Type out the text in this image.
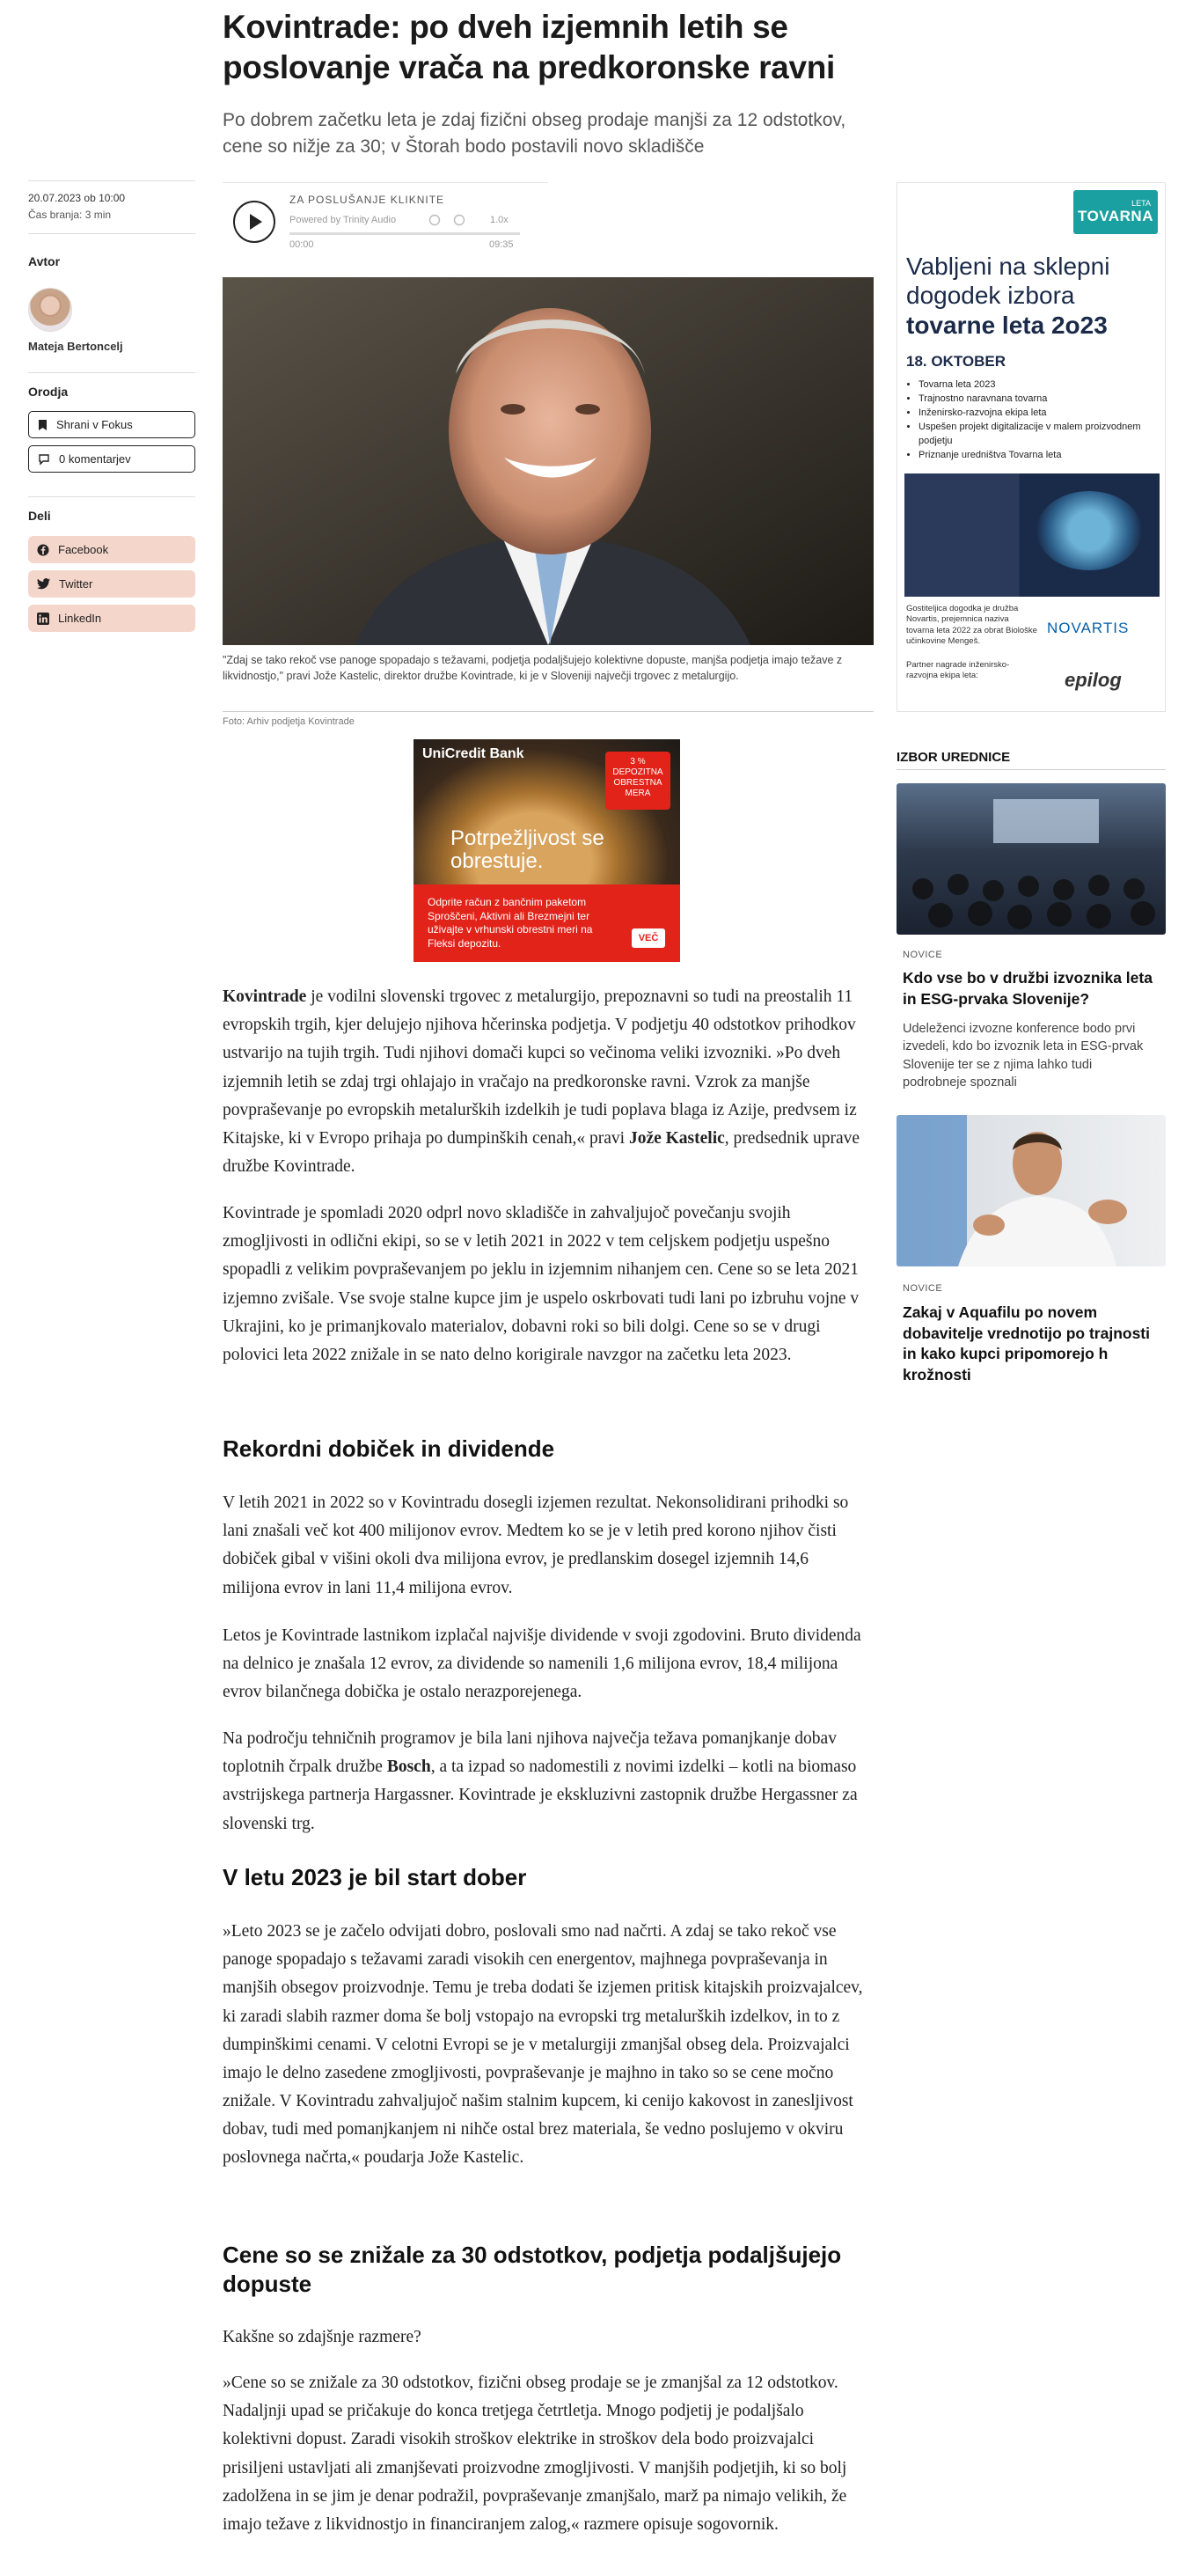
Kovintrade: po dveh izjemnih letih se poslovanje vrača na predkoronske ravni

Po dobrem začetku leta je zdaj fizični obseg prodaje manjši za 12 odstotkov, cene so nižje za 30; v Štorah bodo postavili novo skladišče

20.07.2023 ob 10:00
Čas branja: 3 min
Avtor
Mateja Bertoncelj
Orodja
Shrani v Fokus
0 komentarjev
Deli
Facebook
Twitter
LinkedIn
ZA POSLUŠANJE KLIKNITE
Powered by Trinity Audio	1.0x
00:00	09:35
"Zdaj se tako rekoč vse panoge spopadajo s težavami, podjetja podaljšujejo kolektivne dopuste, manjša podjetja imajo težave z likvidnostjo," pravi Jože Kastelic, direktor družbe Kovintrade, ki je v Sloveniji največji trgovec z metalurgijo.
Foto: Arhiv podjetja Kovintrade
UniCredit Bank
3 % DEPOZITNA OBRESTNA MERA
Potrpežljivost se obrestuje.
Odprite račun z bančnim paketom Sproščeni, Aktivni ali Brezmejni ter uživajte v vrhunski obrestni meri na Fleksi depozitu.	VEČ

Kovintrade je vodilni slovenski trgovec z metalurgijo, prepoznavni so tudi na preostalih 11 evropskih trgih, kjer delujejo njihova hčerinska podjetja. V podjetju 40 odstotkov prihodkov ustvarijo na tujih trgih. Tudi njihovi domači kupci so večinoma veliki izvozniki. »Po dveh izjemnih letih se zdaj trgi ohlajajo in vračajo na predkoronske ravni. Vzrok za manjše povpraševanje po evropskih metalurških izdelkih je tudi poplava blaga iz Azije, predvsem iz Kitajske, ki v Evropo prihaja po dumpinških cenah,« pravi Jože Kastelic, predsednik uprave družbe Kovintrade.

Kovintrade je spomladi 2020 odprl novo skladišče in zahvaljujoč povečanju svojih zmogljivosti in odlični ekipi, so se v letih 2021 in 2022 v tem celjskem podjetju uspešno spopadli z velikim povpraševanjem po jeklu in izjemnim nihanjem cen. Cene so se leta 2021 izjemno zvišale. Vse svoje stalne kupce jim je uspelo oskrbovati tudi lani po izbruhu vojne v Ukrajini, ko je primanjkovalo materialov, dobavni roki so bili dolgi. Cene so se v drugi polovici leta 2022 znižale in se nato delno korigirale navzgor na začetku leta 2023.

Rekordni dobiček in dividende

V letih 2021 in 2022 so v Kovintradu dosegli izjemen rezultat. Nekonsolidirani prihodki so lani znašali več kot 400 milijonov evrov. Medtem ko se je v letih pred korono njihov čisti dobiček gibal v višini okoli dva milijona evrov, je predlanskim dosegel izjemnih 14,6 milijona evrov in lani 11,4 milijona evrov.

Letos je Kovintrade lastnikom izplačal najvišje dividende v svoji zgodovini. Bruto dividenda na delnico je znašala 12 evrov, za dividende so namenili 1,6 milijona evrov, 18,4 milijona evrov bilančnega dobička je ostalo nerazporejenega.

Na področju tehničnih programov je bila lani njihova največja težava pomanjkanje dobav toplotnih črpalk družbe Bosch, a ta izpad so nadomestili z novimi izdelki – kotli na biomaso avstrijskega partnerja Hargassner. Kovintrade je ekskluzivni zastopnik družbe Hergassner za slovenski trg.

V letu 2023 je bil start dober

»Leto 2023 se je začelo odvijati dobro, poslovali smo nad načrti. A zdaj se tako rekoč vse panoge spopadajo s težavami zaradi visokih cen energentov, majhnega povpraševanja in manjših obsegov proizvodnje. Temu je treba dodati še izjemen pritisk kitajskih proizvajalcev, ki zaradi slabih razmer doma še bolj vstopajo na evropski trg metalurških izdelkov, in to z dumpinškimi cenami. V celotni Evropi se je v metalurgiji zmanjšal obseg dela. Proizvajalci imajo le delno zasedene zmogljivosti, povpraševanje je majhno in tako so se cene močno znižale. V Kovintradu zahvaljujoč našim stalnim kupcem, ki cenijo kakovost in zanesljivost dobav, tudi med pomanjkanjem ni nihče ostal brez materiala, še vedno poslujemo v okviru poslovnega načrta,« poudarja Jože Kastelic.

Cene so se znižale za 30 odstotkov, podjetja podaljšujejo dopuste

Kakšne so zdajšnje razmere?

»Cene so se znižale za 30 odstotkov, fizični obseg prodaje se je zmanjšal za 12 odstotkov. Nadaljnji upad se pričakuje do konca tretjega četrtletja. Mnogo podjetij je podaljšalo kolektivni dopust. Zaradi visokih stroškov elektrike in stroškov dela bodo proizvajalci prisiljeni ustavljati ali zmanjševati proizvodne zmogljivosti. V manjših podjetjih, ki so bolj zadolžena in se jim je denar podražil, povpraševanje zmanjšalo, marž pa nimajo velikih, že imajo težave z likvidnostjo in financiranjem zalog,« razmere opisuje sogovornik.

LETA
TOVARNA
Vabljeni na sklepni dogodek izbora
tovarne leta 2o23
18. OKTOBER
• Tovarna leta 2023
• Trajnostno naravnana tovarna
• Inženirsko-razvojna ekipa leta
• Uspešen projekt digitalizacije v malem proizvodnem podjetju
• Priznanje uredništva Tovarna leta
Gostiteljica dogodka je družba Novartis, prejemnica naziva tovarna leta 2022 za obrat Biološke učinkovine Mengeš.
NOVARTIS
Partner nagrade inženirsko-razvojna ekipa leta:	epilog
IZBOR UREDNICE
NOVICE
Kdo vse bo v družbi izvoznika leta in ESG-prvaka Slovenije?
Udeleženci izvozne konference bodo prvi izvedeli, kdo bo izvoznik leta in ESG-prvak Slovenije ter se z njima lahko tudi podrobneje spoznali
NOVICE
Zakaj v Aquafilu po novem dobavitelje vrednotijo po trajnosti in kako kupci pripomorejo h krožnosti
